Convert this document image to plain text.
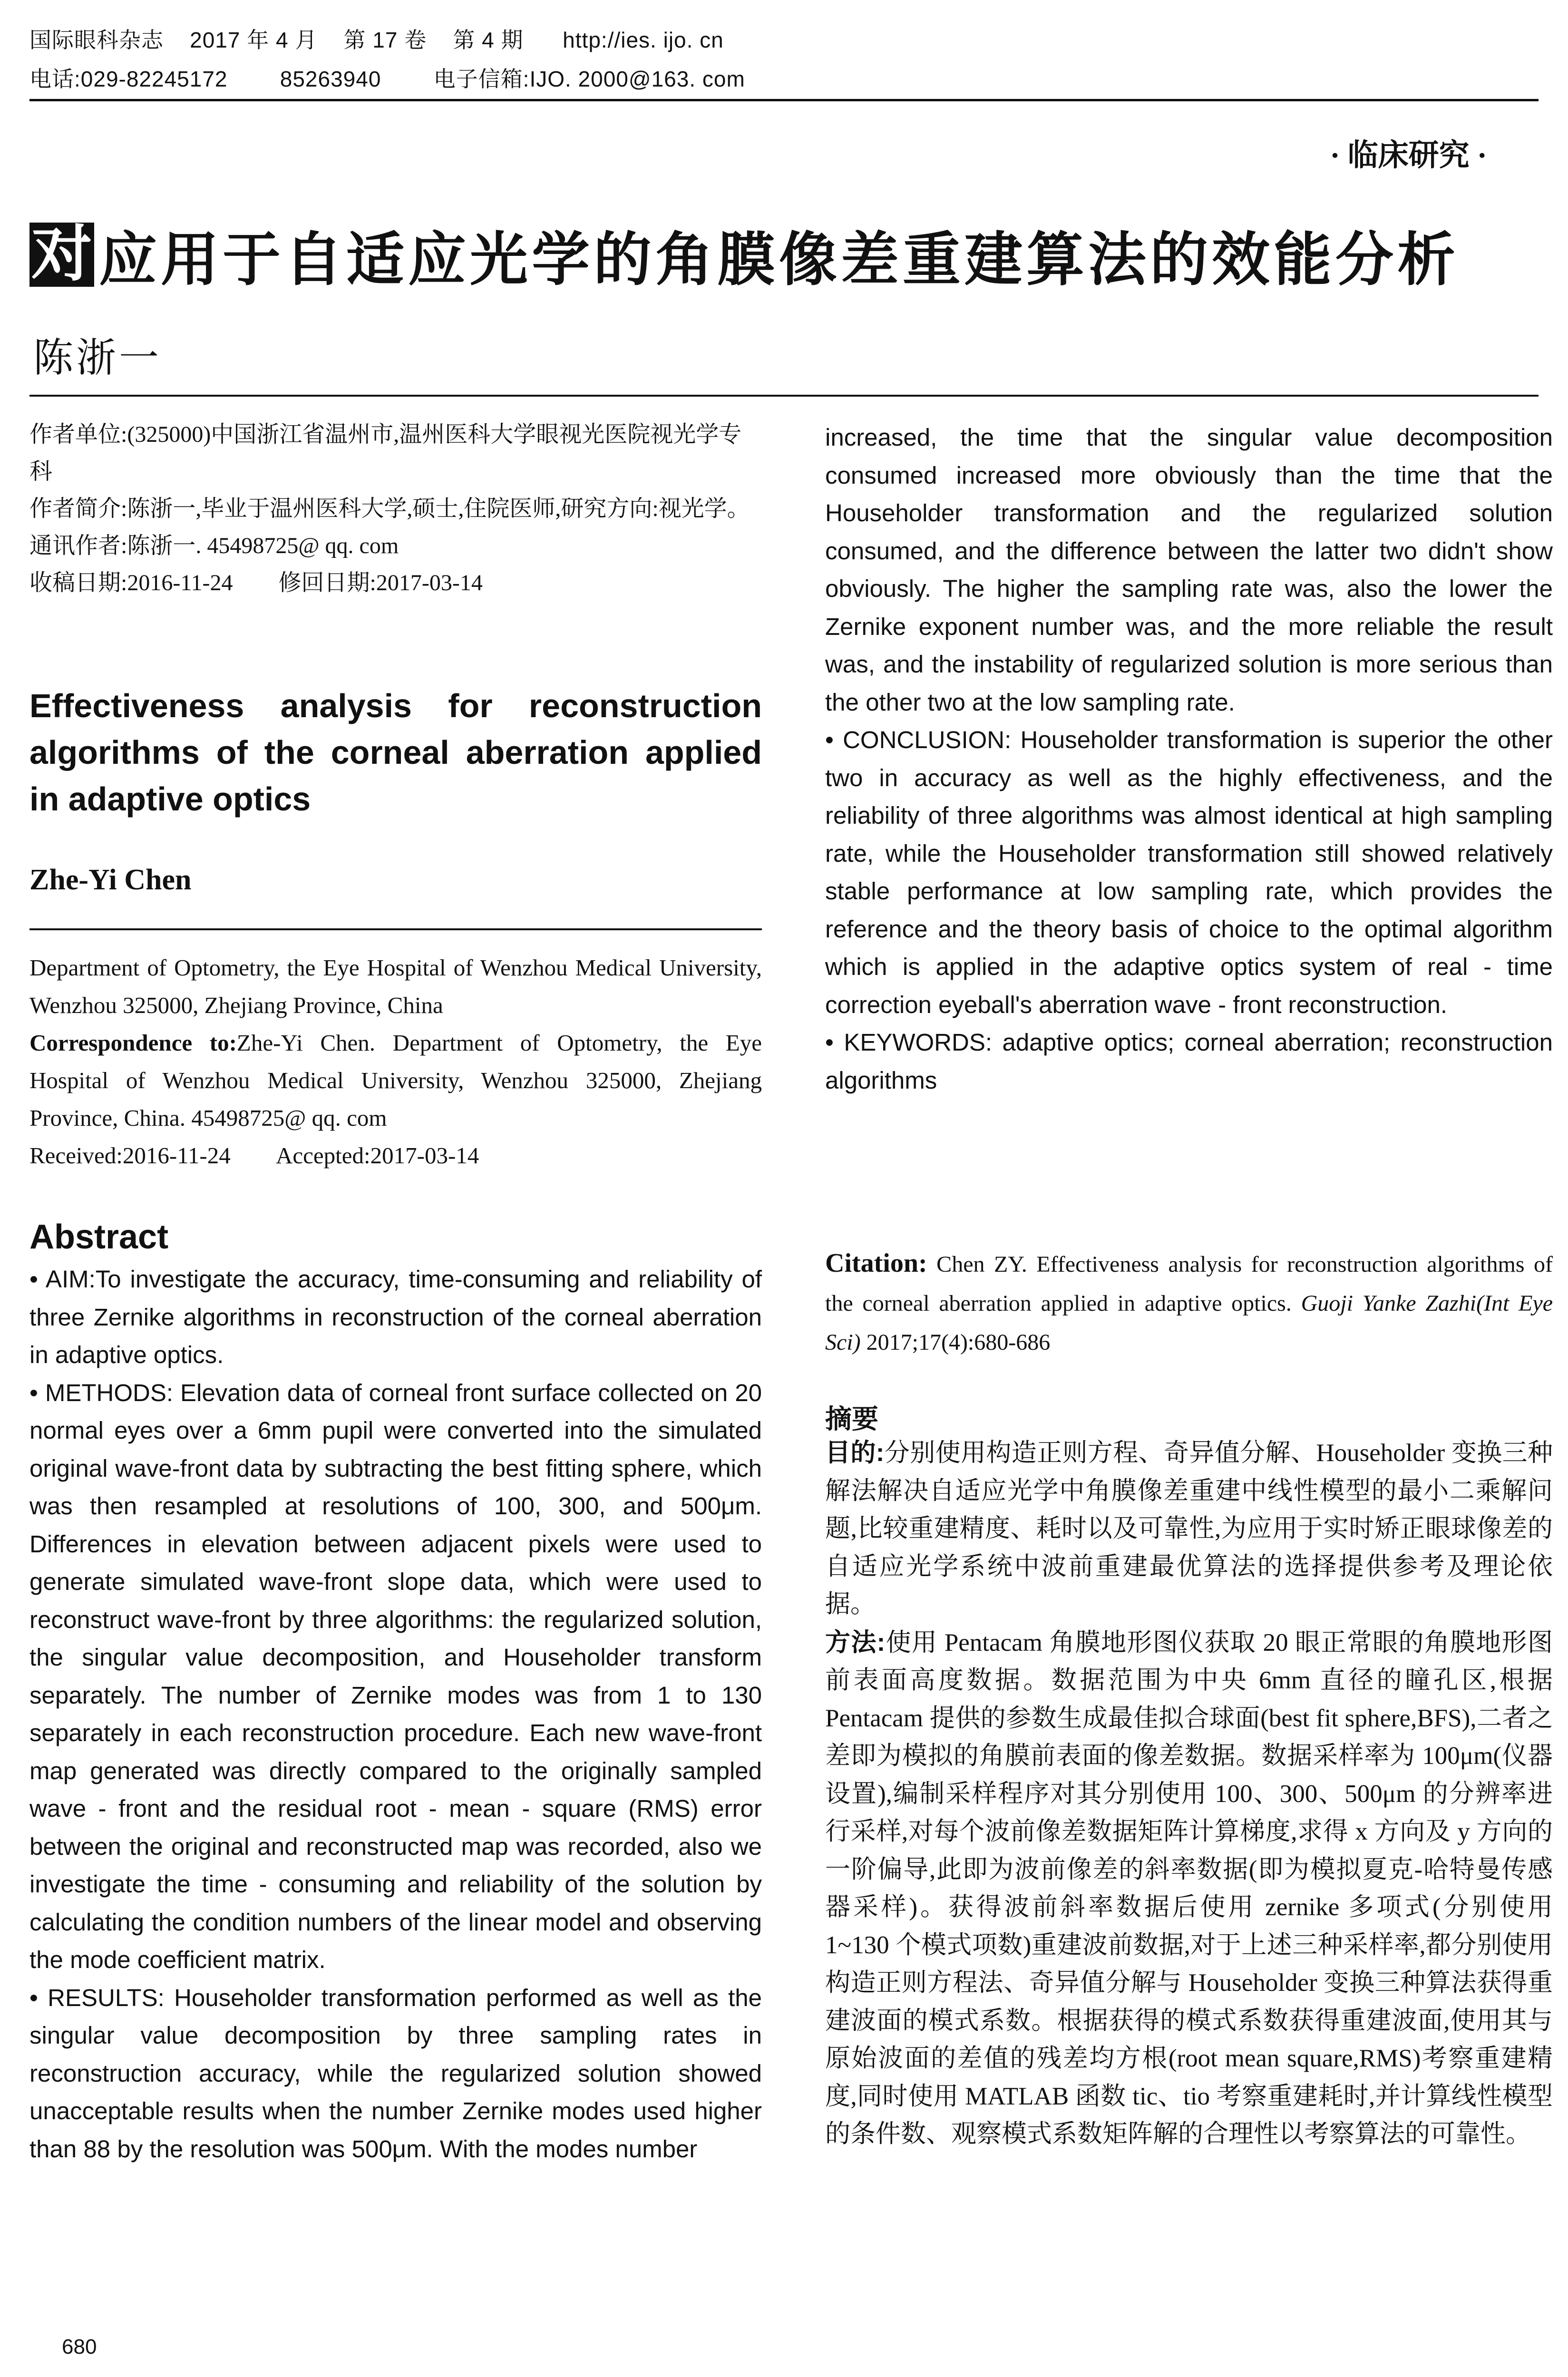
国际眼科杂志    2017 年 4 月    第 17 卷    第 4 期      http://ies. ijo. cn
电话:029-82245172        85263940        电子信箱:IJO. 2000@163. com
· 临床研究 ·
对 应用于自适应光学的角膜像差重建算法的效能分析
陈浙一
作者单位:(325000)中国浙江省温州市,温州医科大学眼视光医院视光学专科
作者简介:陈浙一,毕业于温州医科大学,硕士,住院医师,研究方向:视光学。
通讯作者:陈浙一. 45498725@ qq. com
收稿日期:2016-11-24        修回日期:2017-03-14
Effectiveness analysis for reconstruction algorithms of the corneal aberration applied in adaptive optics
Zhe-Yi Chen
Department of Optometry, the Eye Hospital of Wenzhou Medical University, Wenzhou 325000, Zhejiang Province, China
Correspondence to:Zhe-Yi Chen. Department of Optometry, the Eye Hospital of Wenzhou Medical University, Wenzhou 325000, Zhejiang Province, China. 45498725@ qq. com
Received:2016-11-24        Accepted:2017-03-14
Abstract

• AIM:To investigate the accuracy, time-consuming and reliability of three Zernike algorithms in reconstruction of the corneal aberration in adaptive optics.

• METHODS: Elevation data of corneal front surface collected on 20 normal eyes over a 6mm pupil were converted into the simulated original wave-front data by subtracting the best fitting sphere, which was then resampled at resolutions of 100, 300, and 500μm. Differences in elevation between adjacent pixels were used to generate simulated wave-front slope data, which were used to reconstruct wave-front by three algorithms: the regularized solution, the singular value decomposition, and Householder transform separately. The number of Zernike modes was from 1 to 130 separately in each reconstruction procedure. Each new wave-front map generated was directly compared to the originally sampled wave - front and the residual root - mean - square (RMS) error between the original and reconstructed map was recorded, also we investigate the time - consuming and reliability of the solution by calculating the condition numbers of the linear model and observing the mode coefficient matrix.

• RESULTS: Householder transformation performed as well as the singular value decomposition by three sampling rates in reconstruction accuracy, while the regularized solution showed unacceptable results when the number Zernike modes used higher than 88 by the resolution was 500μm. With the modes number

680

increased, the time that the singular value decomposition consumed increased more obviously than the time that the Householder transformation and the regularized solution consumed, and the difference between the latter two didn't show obviously. The higher the sampling rate was, also the lower the Zernike exponent number was, and the more reliable the result was, and the instability of regularized solution is more serious than the other two at the low sampling rate.

• CONCLUSION: Householder transformation is superior the other two in accuracy as well as the highly effectiveness, and the reliability of three algorithms was almost identical at high sampling rate, while the Householder transformation still showed relatively stable performance at low sampling rate, which provides the reference and the theory basis of choice to the optimal algorithm which is applied in the adaptive optics system of real - time correction eyeball's aberration wave - front reconstruction.

• KEYWORDS: adaptive optics; corneal aberration; reconstruction algorithms

Citation: Chen ZY. Effectiveness analysis for reconstruction algorithms of the corneal aberration applied in adaptive optics. Guoji Yanke Zazhi(Int Eye Sci) 2017;17(4):680-686
摘要

目的:分别使用构造正则方程、奇异值分解、Householder 变换三种解法解决自适应光学中角膜像差重建中线性模型的最小二乘解问题,比较重建精度、耗时以及可靠性,为应用于实时矫正眼球像差的自适应光学系统中波前重建最优算法的选择提供参考及理论依据。

方法:使用 Pentacam 角膜地形图仪获取 20 眼正常眼的角膜地形图前表面高度数据。数据范围为中央 6mm 直径的瞳孔区,根据 Pentacam 提供的参数生成最佳拟合球面(best fit sphere,BFS),二者之差即为模拟的角膜前表面的像差数据。数据采样率为 100μm(仪器设置),编制采样程序对其分别使用 100、300、500μm 的分辨率进行采样,对每个波前像差数据矩阵计算梯度,求得 x 方向及 y 方向的一阶偏导,此即为波前像差的斜率数据(即为模拟夏克-哈特曼传感器采样)。获得波前斜率数据后使用 zernike 多项式(分别使用 1~130 个模式项数)重建波前数据,对于上述三种采样率,都分别使用构造正则方程法、奇异值分解与 Householder 变换三种算法获得重建波面的模式系数。根据获得的模式系数获得重建波面,使用其与原始波面的差值的残差均方根(root mean square,RMS)考察重建精度,同时使用 MATLAB 函数 tic、tio 考察重建耗时,并计算线性模型的条件数、观察模式系数矩阵解的合理性以考察算法的可靠性。
